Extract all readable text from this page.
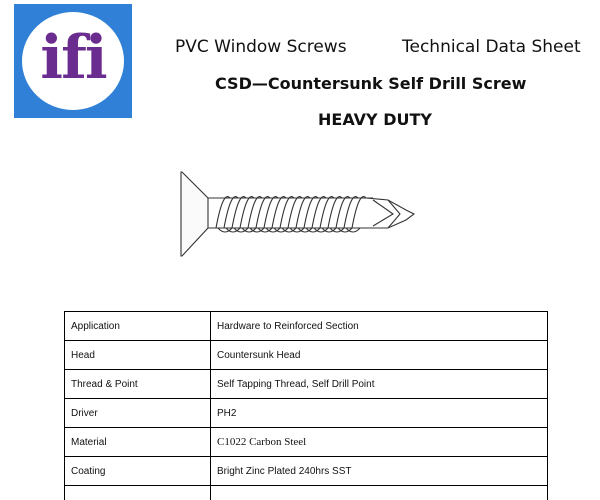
ifi	PVC Window Screws	Technical Data Sheet
CSD—Countersunk Self Drill Screw
HEAVY DUTY
Application	Hardware to Reinforced Section
Head	Countersunk Head
Thread & Point	Self Tapping Thread, Self Drill Point
Driver	PH2
Material	C1022 Carbon Steel
Coating	Bright Zinc Plated 240hrs SST
